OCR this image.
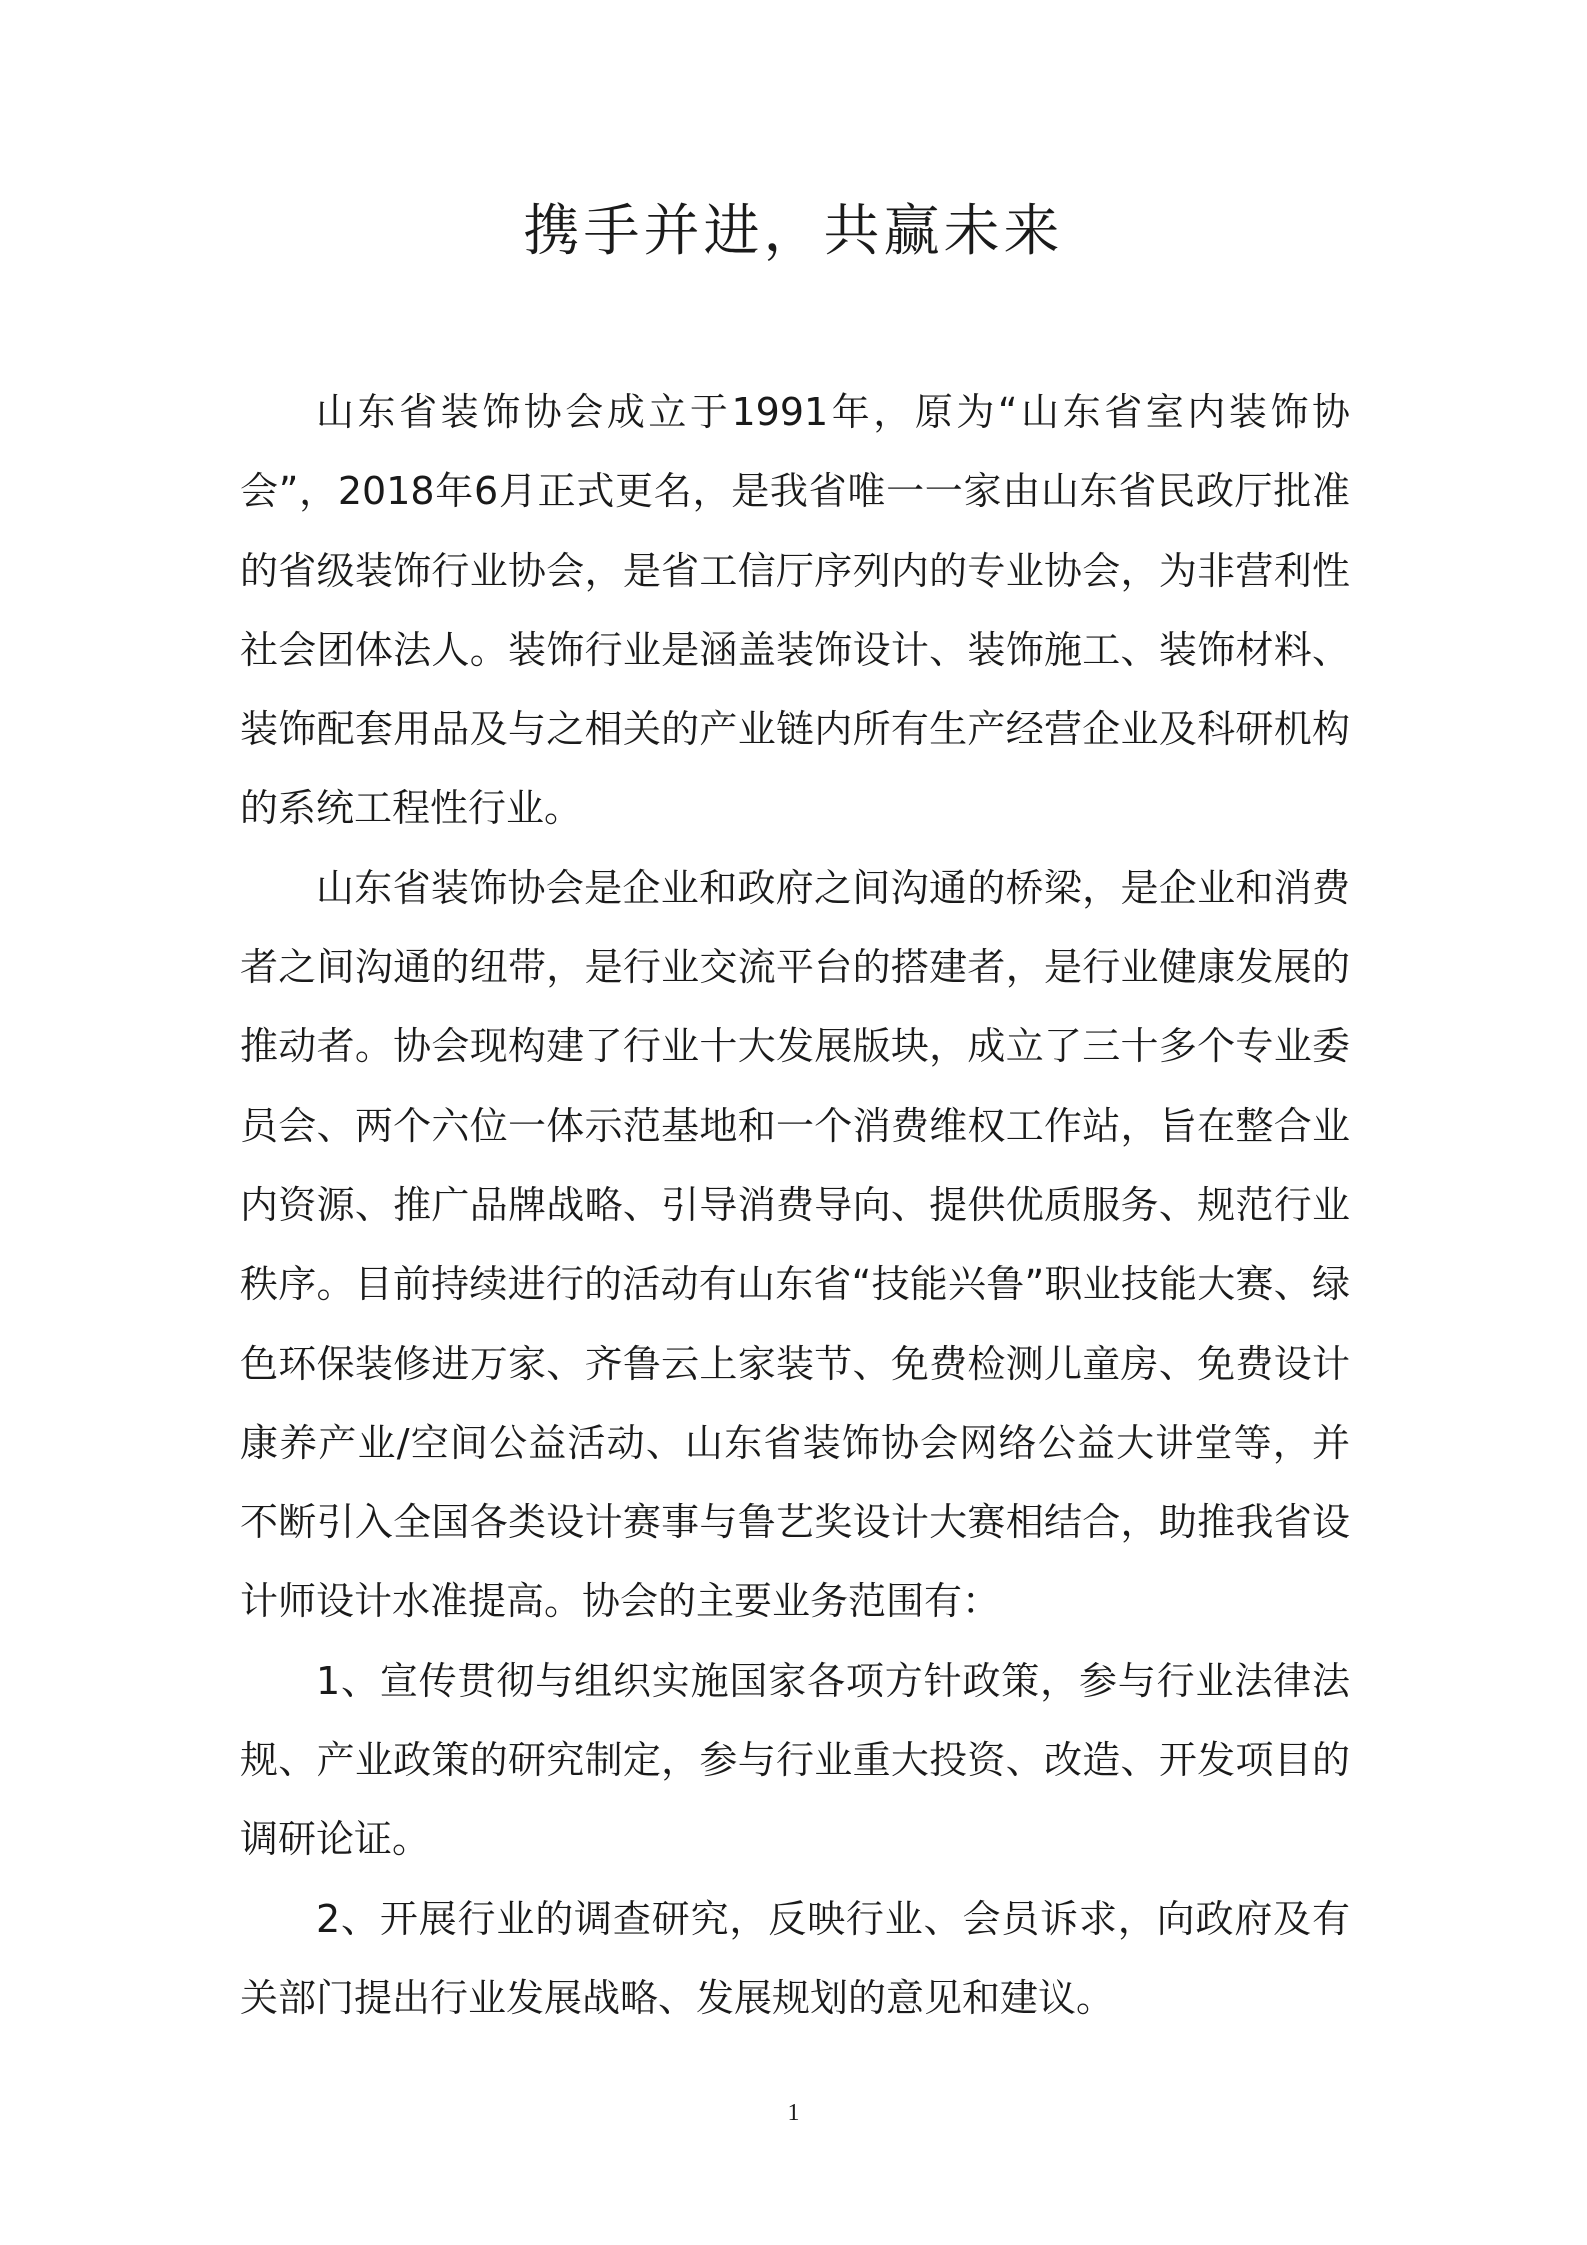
携手并进，共赢未来

山东省装饰协会成立于1991年，原为“山东省室内装饰协会”，2018年6月正式更名，是我省唯一一家由山东省民政厅批准的省级装饰行业协会，是省工信厅序列内的专业协会，为非营利性社会团体法人。装饰行业是涵盖装饰设计、装饰施工、装饰材料、装饰配套用品及与之相关的产业链内所有生产经营企业及科研机构的系统工程性行业。

山东省装饰协会是企业和政府之间沟通的桥梁，是企业和消费者之间沟通的纽带，是行业交流平台的搭建者，是行业健康发展的推动者。协会现构建了行业十大发展版块，成立了三十多个专业委员会、两个六位一体示范基地和一个消费维权工作站，旨在整合业内资源、推广品牌战略、引导消费导向、提供优质服务、规范行业秩序。目前持续进行的活动有山东省“技能兴鲁”职业技能大赛、绿色环保装修进万家、齐鲁云上家装节、免费检测儿童房、免费设计康养产业/空间公益活动、山东省装饰协会网络公益大讲堂等，并不断引入全国各类设计赛事与鲁艺奖设计大赛相结合，助推我省设计师设计水准提高。协会的主要业务范围有：

1、宣传贯彻与组织实施国家各项方针政策，参与行业法律法规、产业政策的研究制定，参与行业重大投资、改造、开发项目的调研论证。

2、开展行业的调查研究，反映行业、会员诉求，向政府及有关部门提出行业发展战略、发展规划的意见和建议。

1
